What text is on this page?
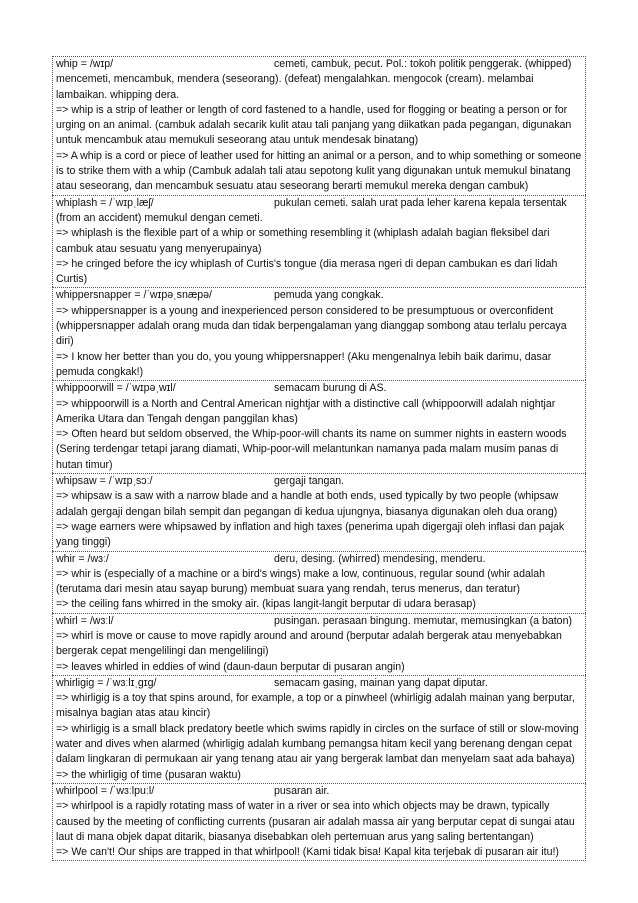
whip = /wɪp/	cemeti, cambuk, pecut. Pol.: tokoh politik penggerak. (whipped) mencemeti, mencambuk, mendera (seseorang). (defeat) mengalahkan. mengocok (cream). melambai lambaikan. whipping dera.
=> whip is a strip of leather or length of cord fastened to a handle, used for flogging or beating a person or for urging on an animal. (cambuk adalah secarik kulit atau tali panjang yang diikatkan pada pegangan, digunakan untuk mencambuk atau memukuli seseorang atau untuk mendesak binatang)
=> A whip is a cord or piece of leather used for hitting an animal or a person, and to whip something or someone is to strike them with a whip (Cambuk adalah tali atau sepotong kulit yang digunakan untuk memukul binatang atau seseorang, dan mencambuk sesuatu atau seseorang berarti memukul mereka dengan cambuk)
whiplash = /ˈwɪpˌlæʃ/	pukulan cemeti. salah urat pada leher karena kepala tersentak (from an accident) memukul dengan cemeti.
=> whiplash is the flexible part of a whip or something resembling it (whiplash adalah bagian fleksibel dari cambuk atau sesuatu yang menyerupainya)
=> he cringed before the icy whiplash of Curtis's tongue (dia merasa ngeri di depan cambukan es dari lidah Curtis)
whippersnapper = /ˈwɪpəˌsnæpə/	pemuda yang congkak.
=> whippersnapper is a young and inexperienced person considered to be presumptuous or overconfident (whippersnapper adalah orang muda dan tidak berpengalaman yang dianggap sombong atau terlalu percaya diri)
=> I know her better than you do, you young whippersnapper! (Aku mengenalnya lebih baik darimu, dasar pemuda congkak!)
whippoorwill = /ˈwɪpəˌwɪl/	semacam burung di AS.
=> whippoorwill is a North and Central American nightjar with a distinctive call (whippoorwill adalah nightjar Amerika Utara dan Tengah dengan panggilan khas)
=> Often heard but seldom observed, the Whip-poor-will chants its name on summer nights in eastern woods (Sering terdengar tetapi jarang diamati, Whip-poor-will melantunkan namanya pada malam musim panas di hutan timur)
whipsaw = /ˈwɪpˌsɔː/	gergaji tangan.
=> whipsaw is a saw with a narrow blade and a handle at both ends, used typically by two people (whipsaw adalah gergaji dengan bilah sempit dan pegangan di kedua ujungnya, biasanya digunakan oleh dua orang)
=> wage earners were whipsawed by inflation and high taxes (penerima upah digergaji oleh inflasi dan pajak yang tinggi)
whir = /wɜː/	deru, desing. (whirred) mendesing, menderu.
=> whir is (especially of a machine or a bird's wings) make a low, continuous, regular sound (whir adalah (terutama dari mesin atau sayap burung) membuat suara yang rendah, terus menerus, dan teratur)
=> the ceiling fans whirred in the smoky air. (kipas langit-langit berputar di udara berasap)
whirl = /wɜːl/	pusingan. perasaan bingung. memutar, memusingkan (a baton)
=> whirl is move or cause to move rapidly around and around (berputar adalah bergerak atau menyebabkan bergerak cepat mengelilingi dan mengelilingi)
=> leaves whirled in eddies of wind (daun-daun berputar di pusaran angin)
whirligig = /ˈwɜːlɪˌɡɪɡ/	semacam gasing, mainan yang dapat diputar.
=> whirligig is a toy that spins around, for example, a top or a pinwheel (whirligig adalah mainan yang berputar, misalnya bagian atas atau kincir)
=> whirligig is a small black predatory beetle which swims rapidly in circles on the surface of still or slow-moving water and dives when alarmed (whirligig adalah kumbang pemangsa hitam kecil yang berenang dengan cepat dalam lingkaran di permukaan air yang tenang atau air yang bergerak lambat dan menyelam saat ada bahaya)
=> the whirligig of time (pusaran waktu)
whirlpool = /ˈwɜːlpuːl/	pusaran air.
=> whirlpool is a rapidly rotating mass of water in a river or sea into which objects may be drawn, typically caused by the meeting of conflicting currents (pusaran air adalah massa air yang berputar cepat di sungai atau laut di mana objek dapat ditarik, biasanya disebabkan oleh pertemuan arus yang saling bertentangan)
=> We can't! Our ships are trapped in that whirlpool! (Kami tidak bisa! Kapal kita terjebak di pusaran air itu!)
